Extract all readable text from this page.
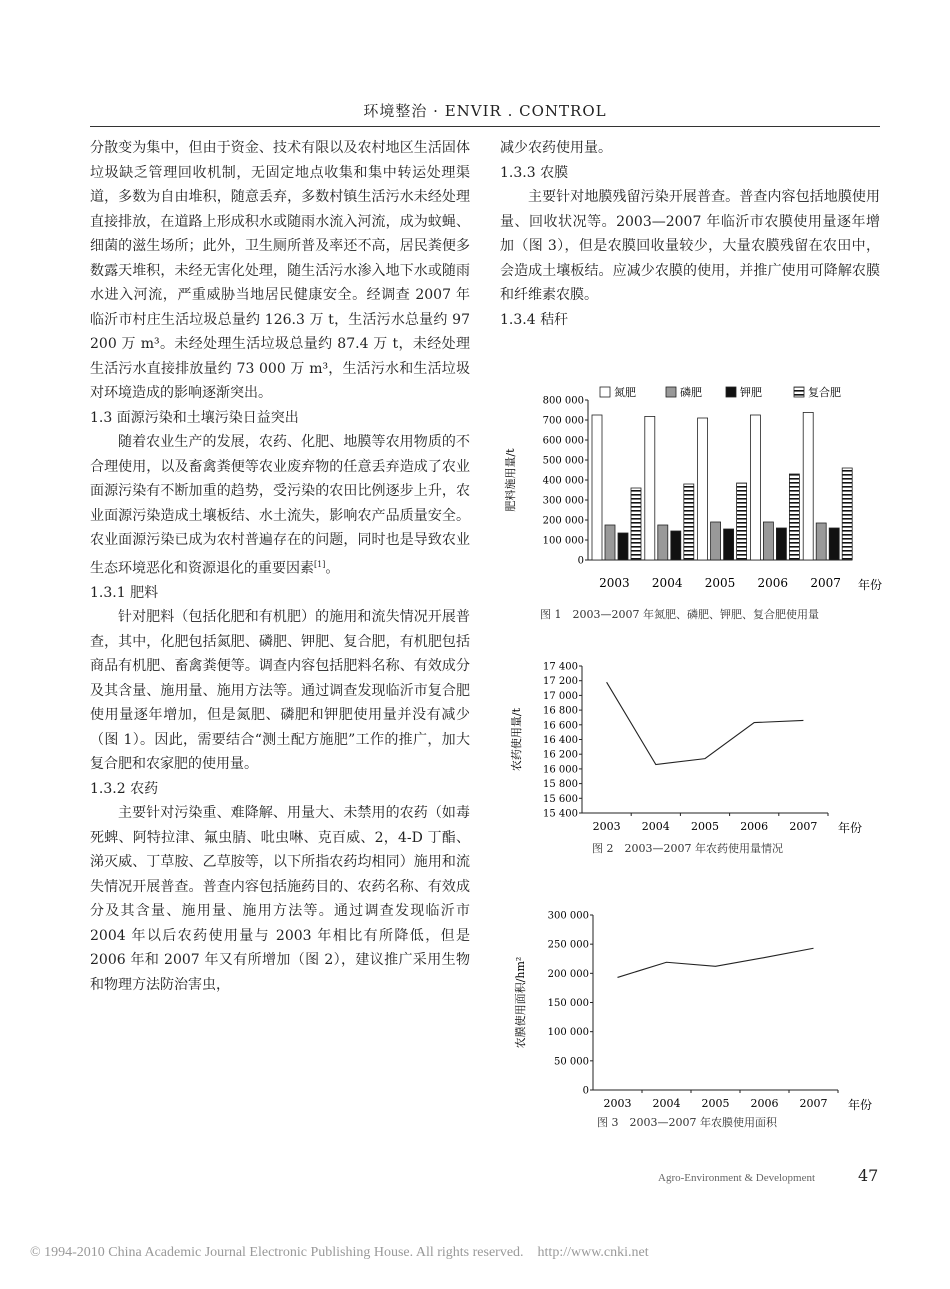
环境整治 · ENVIR . CONTROL

分散变为集中，但由于资金、技术有限以及农村地区生活固体垃圾缺乏管理回收机制，无固定地点收集和集中转运处理渠道，多数为自由堆积，随意丢弃，多数村镇生活污水未经处理直接排放，在道路上形成积水或随雨水流入河流，成为蚊蝇、细菌的滋生场所；此外，卫生厕所普及率还不高，居民粪便多数露天堆积，未经无害化处理，随生活污水渗入地下水或随雨水进入河流，严重威胁当地居民健康安全。经调查 2007 年临沂市村庄生活垃圾总量约 126.3 万 t，生活污水总量约 97 200 万 m³。未经处理生活垃圾总量约 87.4 万 t，未经处理生活污水直接排放量约 73 000 万 m³，生活污水和生活垃圾对环境造成的影响逐渐突出。

1.3 面源污染和土壤污染日益突出

随着农业生产的发展，农药、化肥、地膜等农用物质的不合理使用，以及畜禽粪便等农业废弃物的任意丢弃造成了农业面源污染有不断加重的趋势，受污染的农田比例逐步上升，农业面源污染造成土壤板结、水土流失，影响农产品质量安全。农业面源污染已成为农村普遍存在的问题，同时也是导致农业生态环境恶化和资源退化的重要因素[1]。

1.3.1 肥料

针对肥料（包括化肥和有机肥）的施用和流失情况开展普查，其中，化肥包括氮肥、磷肥、钾肥、复合肥，有机肥包括商品有机肥、畜禽粪便等。调查内容包括肥料名称、有效成分及其含量、施用量、施用方法等。通过调查发现临沂市复合肥使用量逐年增加，但是氮肥、磷肥和钾肥使用量并没有减少（图 1）。因此，需要结合“测土配方施肥”工作的推广，加大复合肥和农家肥的使用量。

1.3.2 农药

主要针对污染重、难降解、用量大、未禁用的农药（如毒死蜱、阿特拉津、氟虫腈、吡虫啉、克百威、2，4-D 丁酯、涕灭威、丁草胺、乙草胺等，以下所指农药均相同）施用和流失情况开展普查。普查内容包括施药目的、农药名称、有效成分及其含量、施用量、施用方法等。通过调查发现临沂市 2004 年以后农药使用量与 2003 年相比有所降低，但是 2006 年和 2007 年又有所增加（图 2），建议推广采用生物和物理方法防治害虫，

减少农药使用量。

1.3.3 农膜

主要针对地膜残留污染开展普查。普查内容包括地膜使用量、回收状况等。2003—2007 年临沂市农膜使用量逐年增加（图 3），但是农膜回收量较少，大量农膜残留在农田中，会造成土壤板结。应减少农膜的使用，并推广使用可降解农膜和纤维素农膜。

1.3.4 秸秆

0
100 000
200 000
300 000
400 000
500 000
600 000
700 000
800 000
2003 2004 2005 2006 2007 年份
肥料施用量/t
氮肥	磷肥	钾肥	复合肥
图 1　2003—2007 年氮肥、磷肥、钾肥、复合肥使用量
15 400
15 600
15 800
16 000
16 200
16 400
16 600
16 800
17 000
17 200
17 400
2003 2004 2005 2006 2007 年份
农药使用量/t
图 2　2003—2007 年农药使用量情况
0
50 000
100 000
150 000
200 000
250 000
300 000
2003 2004 2005 2006 2007 年份
农膜使用面积/hm²
图 3　2003—2007 年农膜使用面积
Agro-Environment & Development	47
© 1994-2010 China Academic Journal Electronic Publishing House. All rights reserved.　http://www.cnki.net
